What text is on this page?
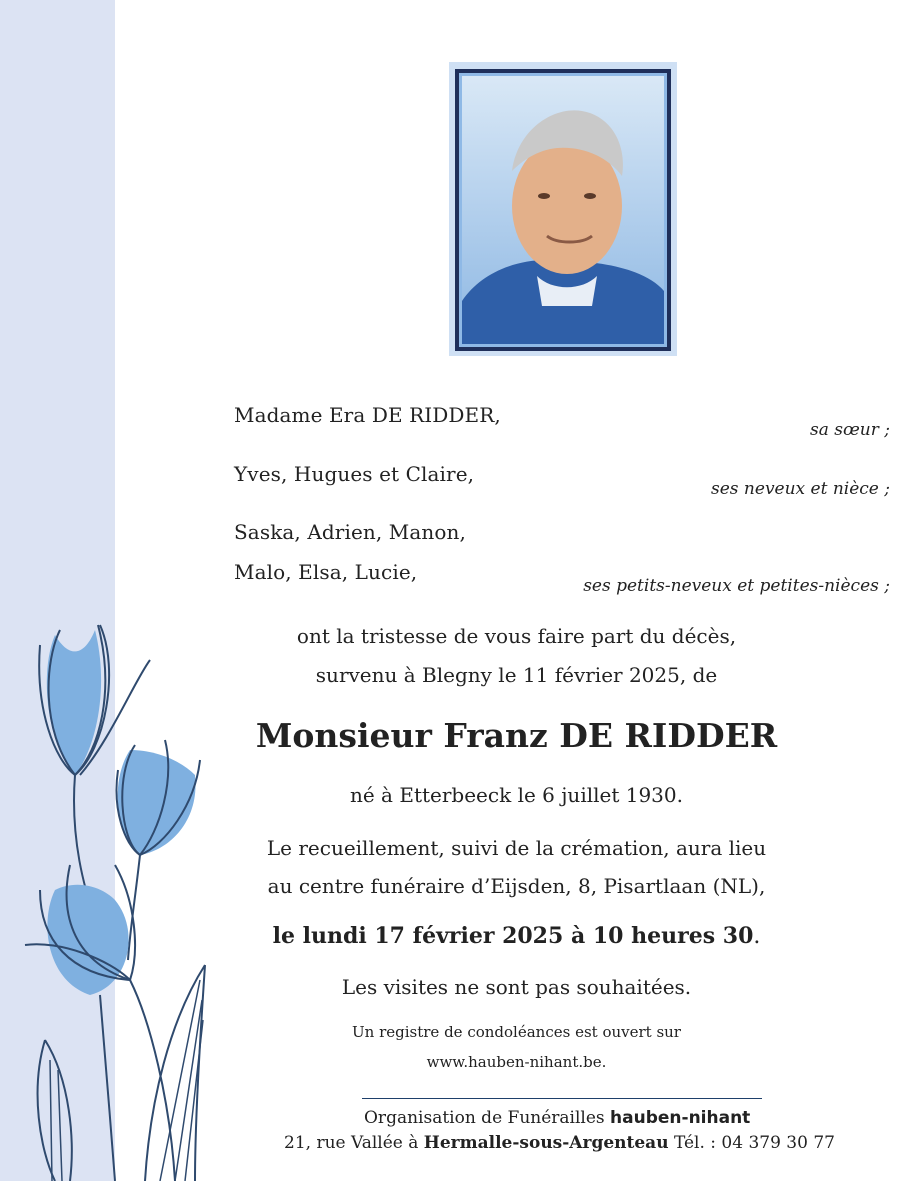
Madame Era DE RIDDER,
sa sœur ;
Yves, Hugues et Claire,
ses neveux et nièce ;
Saska, Adrien, Manon,
Malo, Elsa, Lucie,
ses petits-neveux et petites-nièces ;
ont la tristesse de vous faire part du décès,
survenu à Blegny le 11 février 2025, de
Monsieur Franz DE RIDDER
né à Etterbeeck le 6 juillet 1930.
Le recueillement, suivi de la crémation, aura lieu
au centre funéraire d’Eijsden, 8, Pisartlaan (NL),
le lundi 17 février 2025 à 10 heures 30.
Les visites ne sont pas souhaitées.
Un registre de condoléances est ouvert sur
www.hauben-nihant.be.
Organisation de Funérailles hauben-nihant
21, rue Vallée à Hermalle-sous-Argenteau Tél. : 04 379 30 77
